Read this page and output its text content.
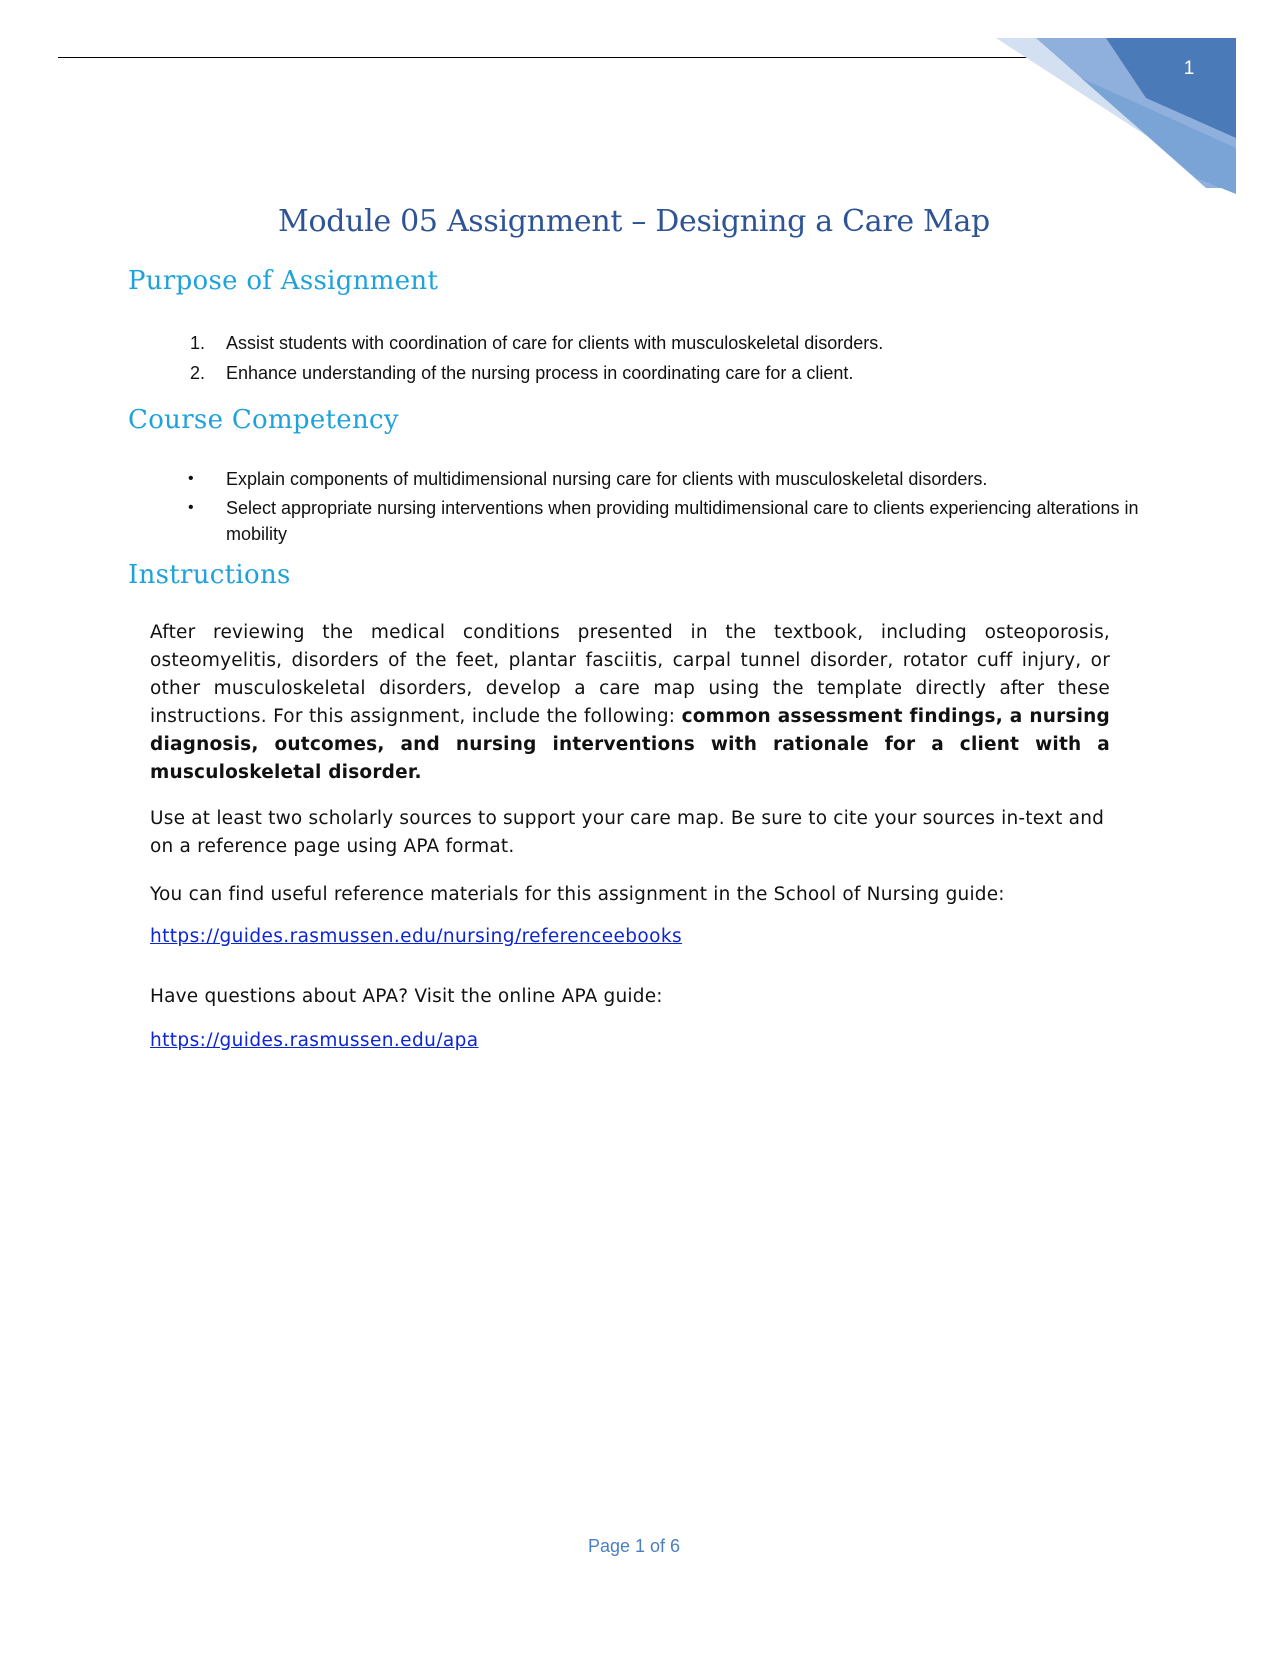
1
Module 05 Assignment – Designing a Care Map
Purpose of Assignment
1. Assist students with coordination of care for clients with musculoskeletal disorders.
2. Enhance understanding of the nursing process in coordinating care for a client.
Course Competency
• Explain components of multidimensional nursing care for clients with musculoskeletal disorders.
• Select appropriate nursing interventions when providing multidimensional care to clients experiencing alterations in mobility
Instructions

After reviewing the medical conditions presented in the textbook, including osteoporosis, osteomyelitis, disorders of the feet, plantar fasciitis, carpal tunnel disorder, rotator cuff injury, or other musculoskeletal disorders, develop a care map using the template directly after these instructions. For this assignment, include the following: common assessment findings, a nursing diagnosis, outcomes, and nursing interventions with rationale for a client with a musculoskeletal disorder.

Use at least two scholarly sources to support your care map. Be sure to cite your sources in-text and on a reference page using APA format.

You can find useful reference materials for this assignment in the School of Nursing guide:

https://guides.rasmussen.edu/nursing/referenceebooks

Have questions about APA? Visit the online APA guide:

https://guides.rasmussen.edu/apa
Page 1 of 6
